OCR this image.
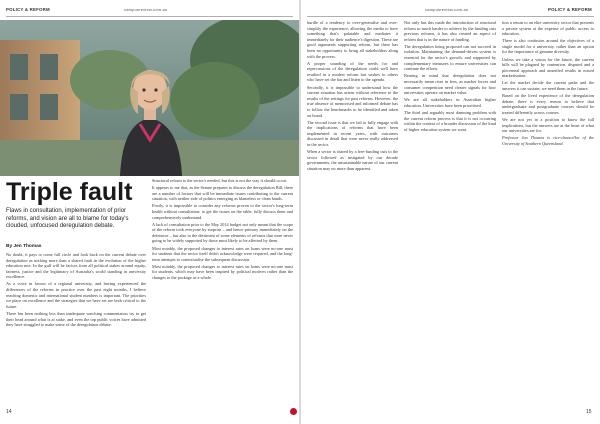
POLICY & REFORM	campusreview.com.au
Triple fault

Flaws in consultation, implementation of prior reforms, and vision are all to blame for today's clouded, unfocused deregulation debate.

By Jen Thomas

No doubt, it pays to come full circle and look back on the current debate over deregulation as nothing more than a shared fault in the evolution of the higher education mix. In the gulf will be factors from all political stakes around equity, fairness, justice and the legitimacy of Australia's world standing in university excellence.

As a voice in favour of a regional university, and having experienced the differences of the reforms in practice over the past eight months, I believe reaching domestic and international student numbers is important. The priorities we place on excellence and the strategies that we have set are both critical to the future.

There has been nothing less than inadequate watching commentators try to get their head around what is at stake, and even the top public voices have admitted they have struggled to make sense of the deregulation debate.

Structural reform to the sector's needed, but this is not the way it should occur.

It appears to me that, as the Senate prepares to discuss the deregulation Bill, there are a number of factors that will be immediate issues contributing to the current situation, with neither side of politics emerging as blameless or clean hands.

Firstly, it is impossible to consider any reforms proven to the sector's long-term health without consultation: to get the issues on the table, fully discuss them and comprehensively understand.

A lack of consultation prior to the May 2014 budget not only meant that the scope of the reform took everyone by surprise – and hence primary immediately on the defensive – but also to the detriment of some elements of reforms that were never going to be widely supported by those most likely to be affected by them.

Most notably, the proposed changes to interest rates on loans were no-one must for students that the sector itself didn't acknowledge were required, and the long-term attempts to contextualise the subsequent discussion.

Most notably, the proposed changes to interest rates on loans were no-one must for students, which may have been inspired by political motives rather than the changes to the package as a whole.

14
campusreview.com.au	POLICY & REFORM

hurdle of a tendency to over-generalise and over-simplify the experience, allowing the media to have something that's palatable and mediates it immediately for their audience's digestion. These are good arguments supporting reform, but there has been no opportunity to bring all stakeholders along with the process.

A proper sounding of the needs for and repercussions of the deregulation could well have resulted in a modest reform but wishes to others who have set the bar and listen to the agenda.

Secondly, it is impossible to understand how the current situation has arisen without reference to the results of the settings for past reforms. However, the true absence of memorised and informed debate has to follow the benchmarks to be identified and taken on board.

The second issue is that we fail to fully engage with the implications of reforms that have been implemented in recent years, with outcomes discussed in detail that were never really addressed in the sector.

When a sector is shared by a free-funding cuts to the sector followed as instigated by our decade governments, the unsustainable nature of our current situation may no more than apparent.

Not only has this made the introduction of structural reform so much harder to achieve by the funding cuts previous reforms, it has also created an aspect of reform that is in the nature of funding.

The deregulation being proposed can not succeed in isolation. Maintaining the demand-driven system is essential for the sector's growth, and supported by complementary measures to ensure universities can continue the efforts.

Bearing in mind that deregulation does not necessarily mean rises in fees, as market forces and consumer competition need clearer signals for how universities operate on market value.

We are all stakeholders in Australian higher education. Universities have been prioritised.

The third and arguably most damning problem with the current reform process is that it is not occurring within the context of a broader discussion of the kind of higher education system we want.

tion a return to an elite university sector that presents a private system at the expense of public access to education.

There is also confusion around the objectives of a single model for a university, rather than an option for the importance of genuine diversity.

Unless we take a vision for the future, the current bills will be plagued by contention, disputed and a piecemeal approach and unsettled results in mixed marketisation.

Let the market decide the current paths and the answers it can sustain; we need them in the future.

Based on the lived experience of the deregulation debate, there is every reason to believe that undergraduate and postgraduate courses should be treated differently across courses.

We are not yet in a position to know the full implications, but the answers are at the heart of what our universities are for.

Professor Jan Thomas is vice-chancellor of the University of Southern Queensland.

15
